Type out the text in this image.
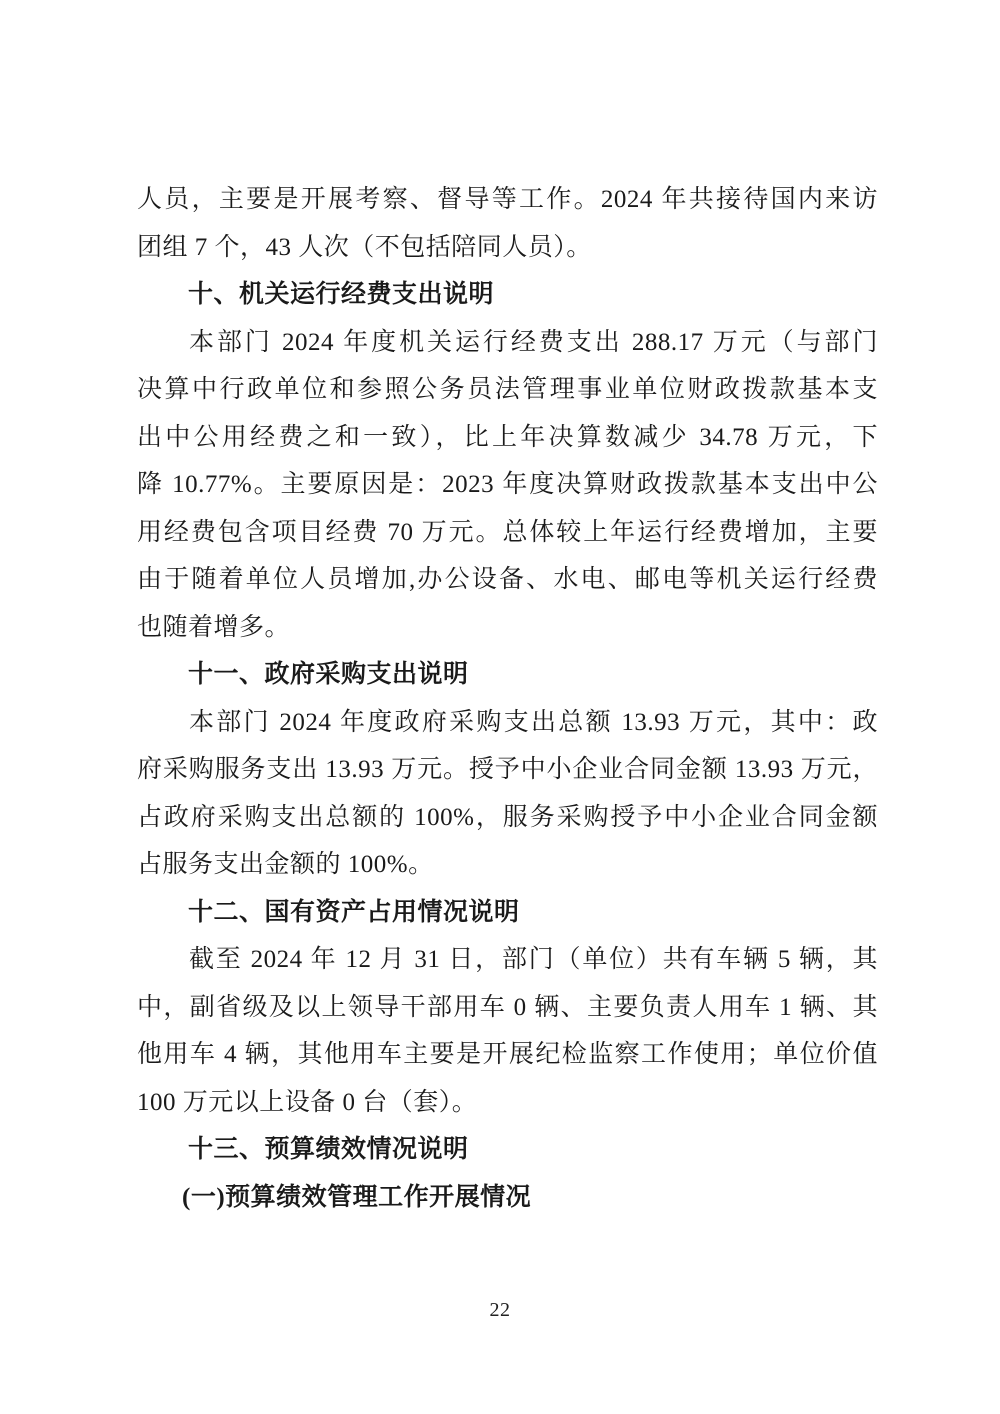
人员，主要是开展考察、督导等工作。2024 年共接待国内来访
团组 7 个，43 人次（不包括陪同人员）。
十、机关运行经费支出说明
本部门 2024 年度机关运行经费支出 288.17 万元（与部门
决算中行政单位和参照公务员法管理事业单位财政拨款基本支
出中公用经费之和一致），比上年决算数减少 34.78 万元，下
降 10.77%。主要原因是：2023 年度决算财政拨款基本支出中公
用经费包含项目经费 70 万元。总体较上年运行经费增加，主要
由于随着单位人员增加,办公设备、水电、邮电等机关运行经费
也随着增多。
十一、政府采购支出说明
本部门 2024 年度政府采购支出总额 13.93 万元，其中：政
府采购服务支出 13.93 万元。授予中小企业合同金额 13.93 万元，
占政府采购支出总额的 100%，服务采购授予中小企业合同金额
占服务支出金额的 100%。
十二、国有资产占用情况说明
截至 2024 年 12 月 31 日，部门（单位）共有车辆 5 辆，其
中，副省级及以上领导干部用车 0 辆、主要负责人用车 1 辆、其
他用车 4 辆，其他用车主要是开展纪检监察工作使用；单位价值
100 万元以上设备 0 台（套）。
十三、预算绩效情况说明
(一)预算绩效管理工作开展情况
22
